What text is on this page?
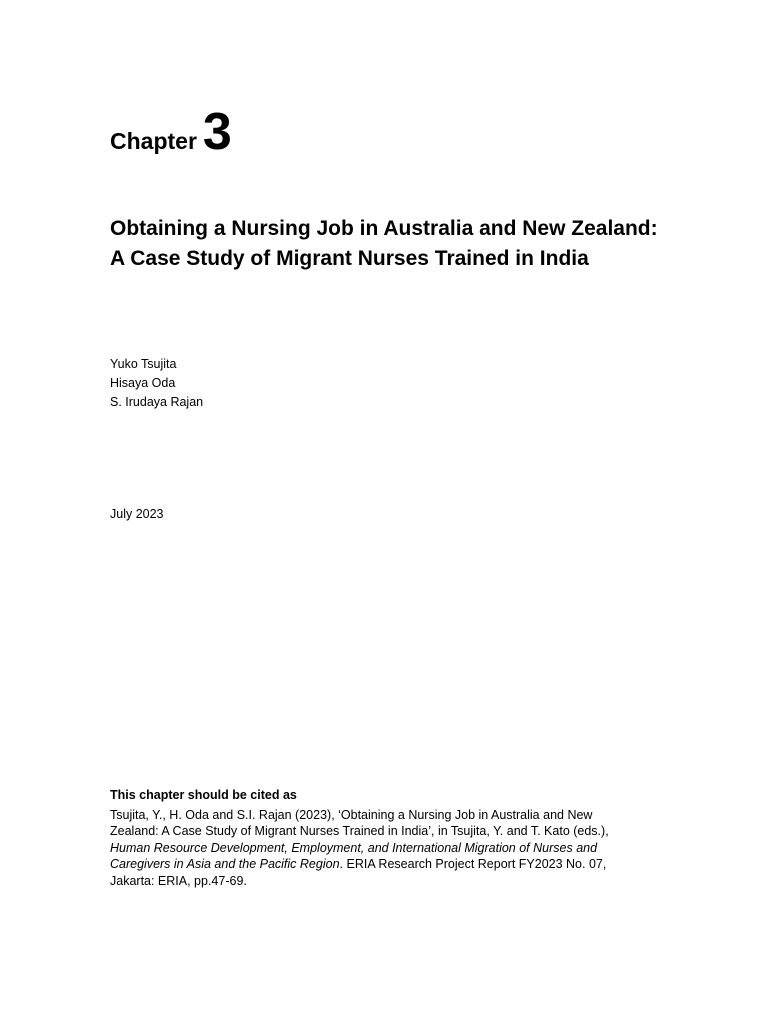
Chapter 3
Obtaining a Nursing Job in Australia and New Zealand: A Case Study of Migrant Nurses Trained in India
Yuko Tsujita
Hisaya Oda
S. Irudaya Rajan
July 2023
This chapter should be cited as

Tsujita, Y., H. Oda and S.I. Rajan (2023), ‘Obtaining a Nursing Job in Australia and New Zealand: A Case Study of Migrant Nurses Trained in India’, in Tsujita, Y. and T. Kato (eds.), Human Resource Development, Employment, and International Migration of Nurses and Caregivers in Asia and the Pacific Region. ERIA Research Project Report FY2023 No. 07, Jakarta: ERIA, pp.47-69.
